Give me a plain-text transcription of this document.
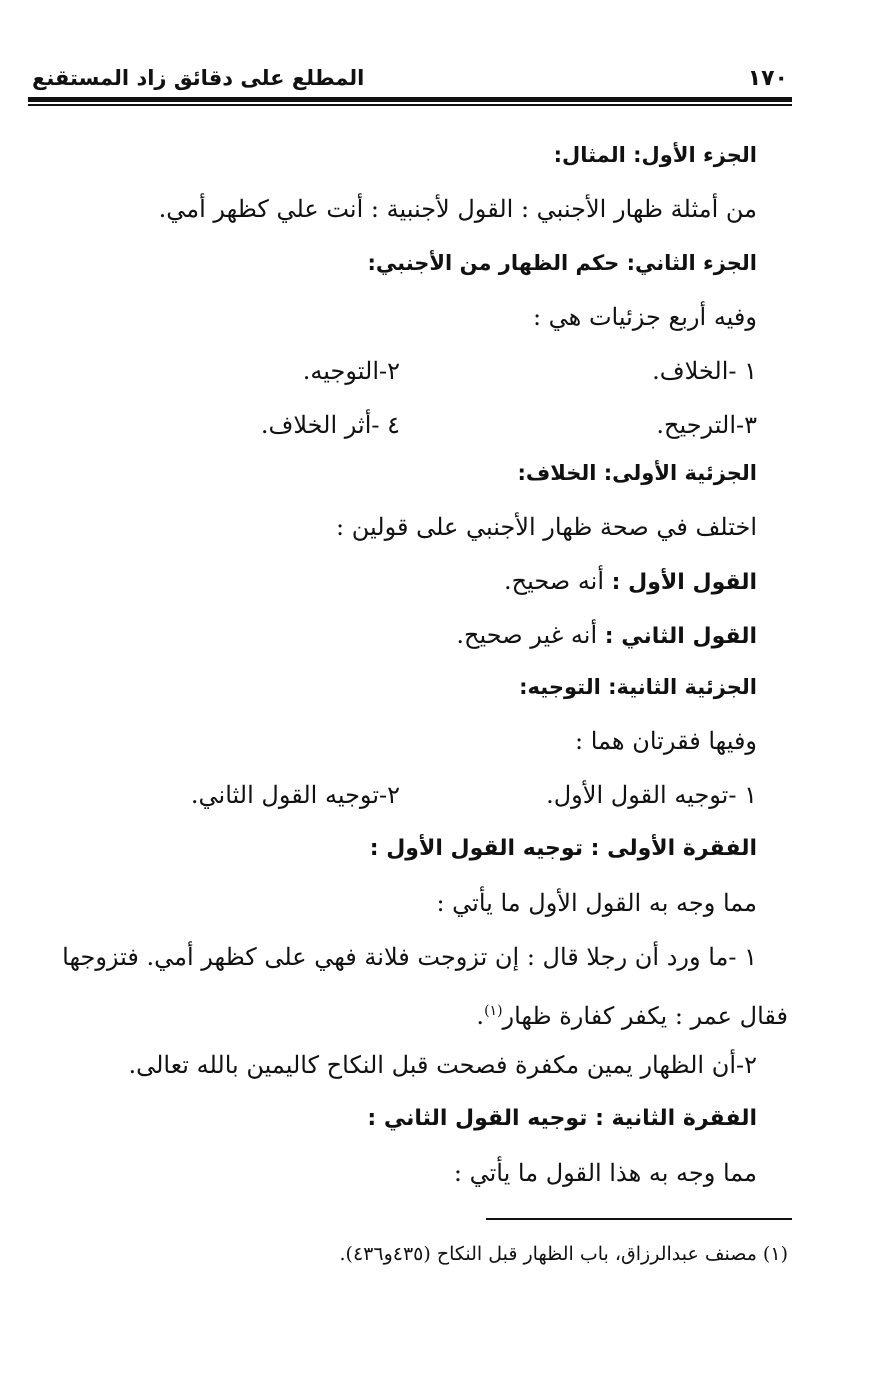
١٧٠
المطلع على دقائق زاد المستقنع
الجزء الأول: المثال:
من أمثلة ظهار الأجنبي : القول لأجنبية : أنت علي كظهر أمي.
الجزء الثاني: حكم الظهار من الأجنبي:
وفيه أربع جزئيات هي :
١ -الخلاف.
٢-التوجيه.
٣-الترجيح.
٤ -أثر الخلاف.
الجزئية الأولى: الخلاف:
اختلف في صحة ظهار الأجنبي على قولين :
القول الأول : أنه صحيح.
القول الثاني : أنه غير صحيح.
الجزئية الثانية: التوجيه:
وفيها فقرتان هما :
١ -توجيه القول الأول.
٢-توجيه القول الثاني.
الفقرة الأولى : توجيه القول الأول :
مما وجه به القول الأول ما يأتي :
١ -ما ورد أن رجلا قال : إن تزوجت فلانة فهي على كظهر أمي. فتزوجها
فقال عمر : يكفر كفارة ظهار$^{(١)}$.
٢-أن الظهار يمين مكفرة فصحت قبل النكاح كاليمين بالله تعالى.
الفقرة الثانية : توجيه القول الثاني :
مما وجه به هذا القول ما يأتي :
(١) مصنف عبدالرزاق، باب الظهار قبل النكاح (٤٣٥و٤٣٦).
